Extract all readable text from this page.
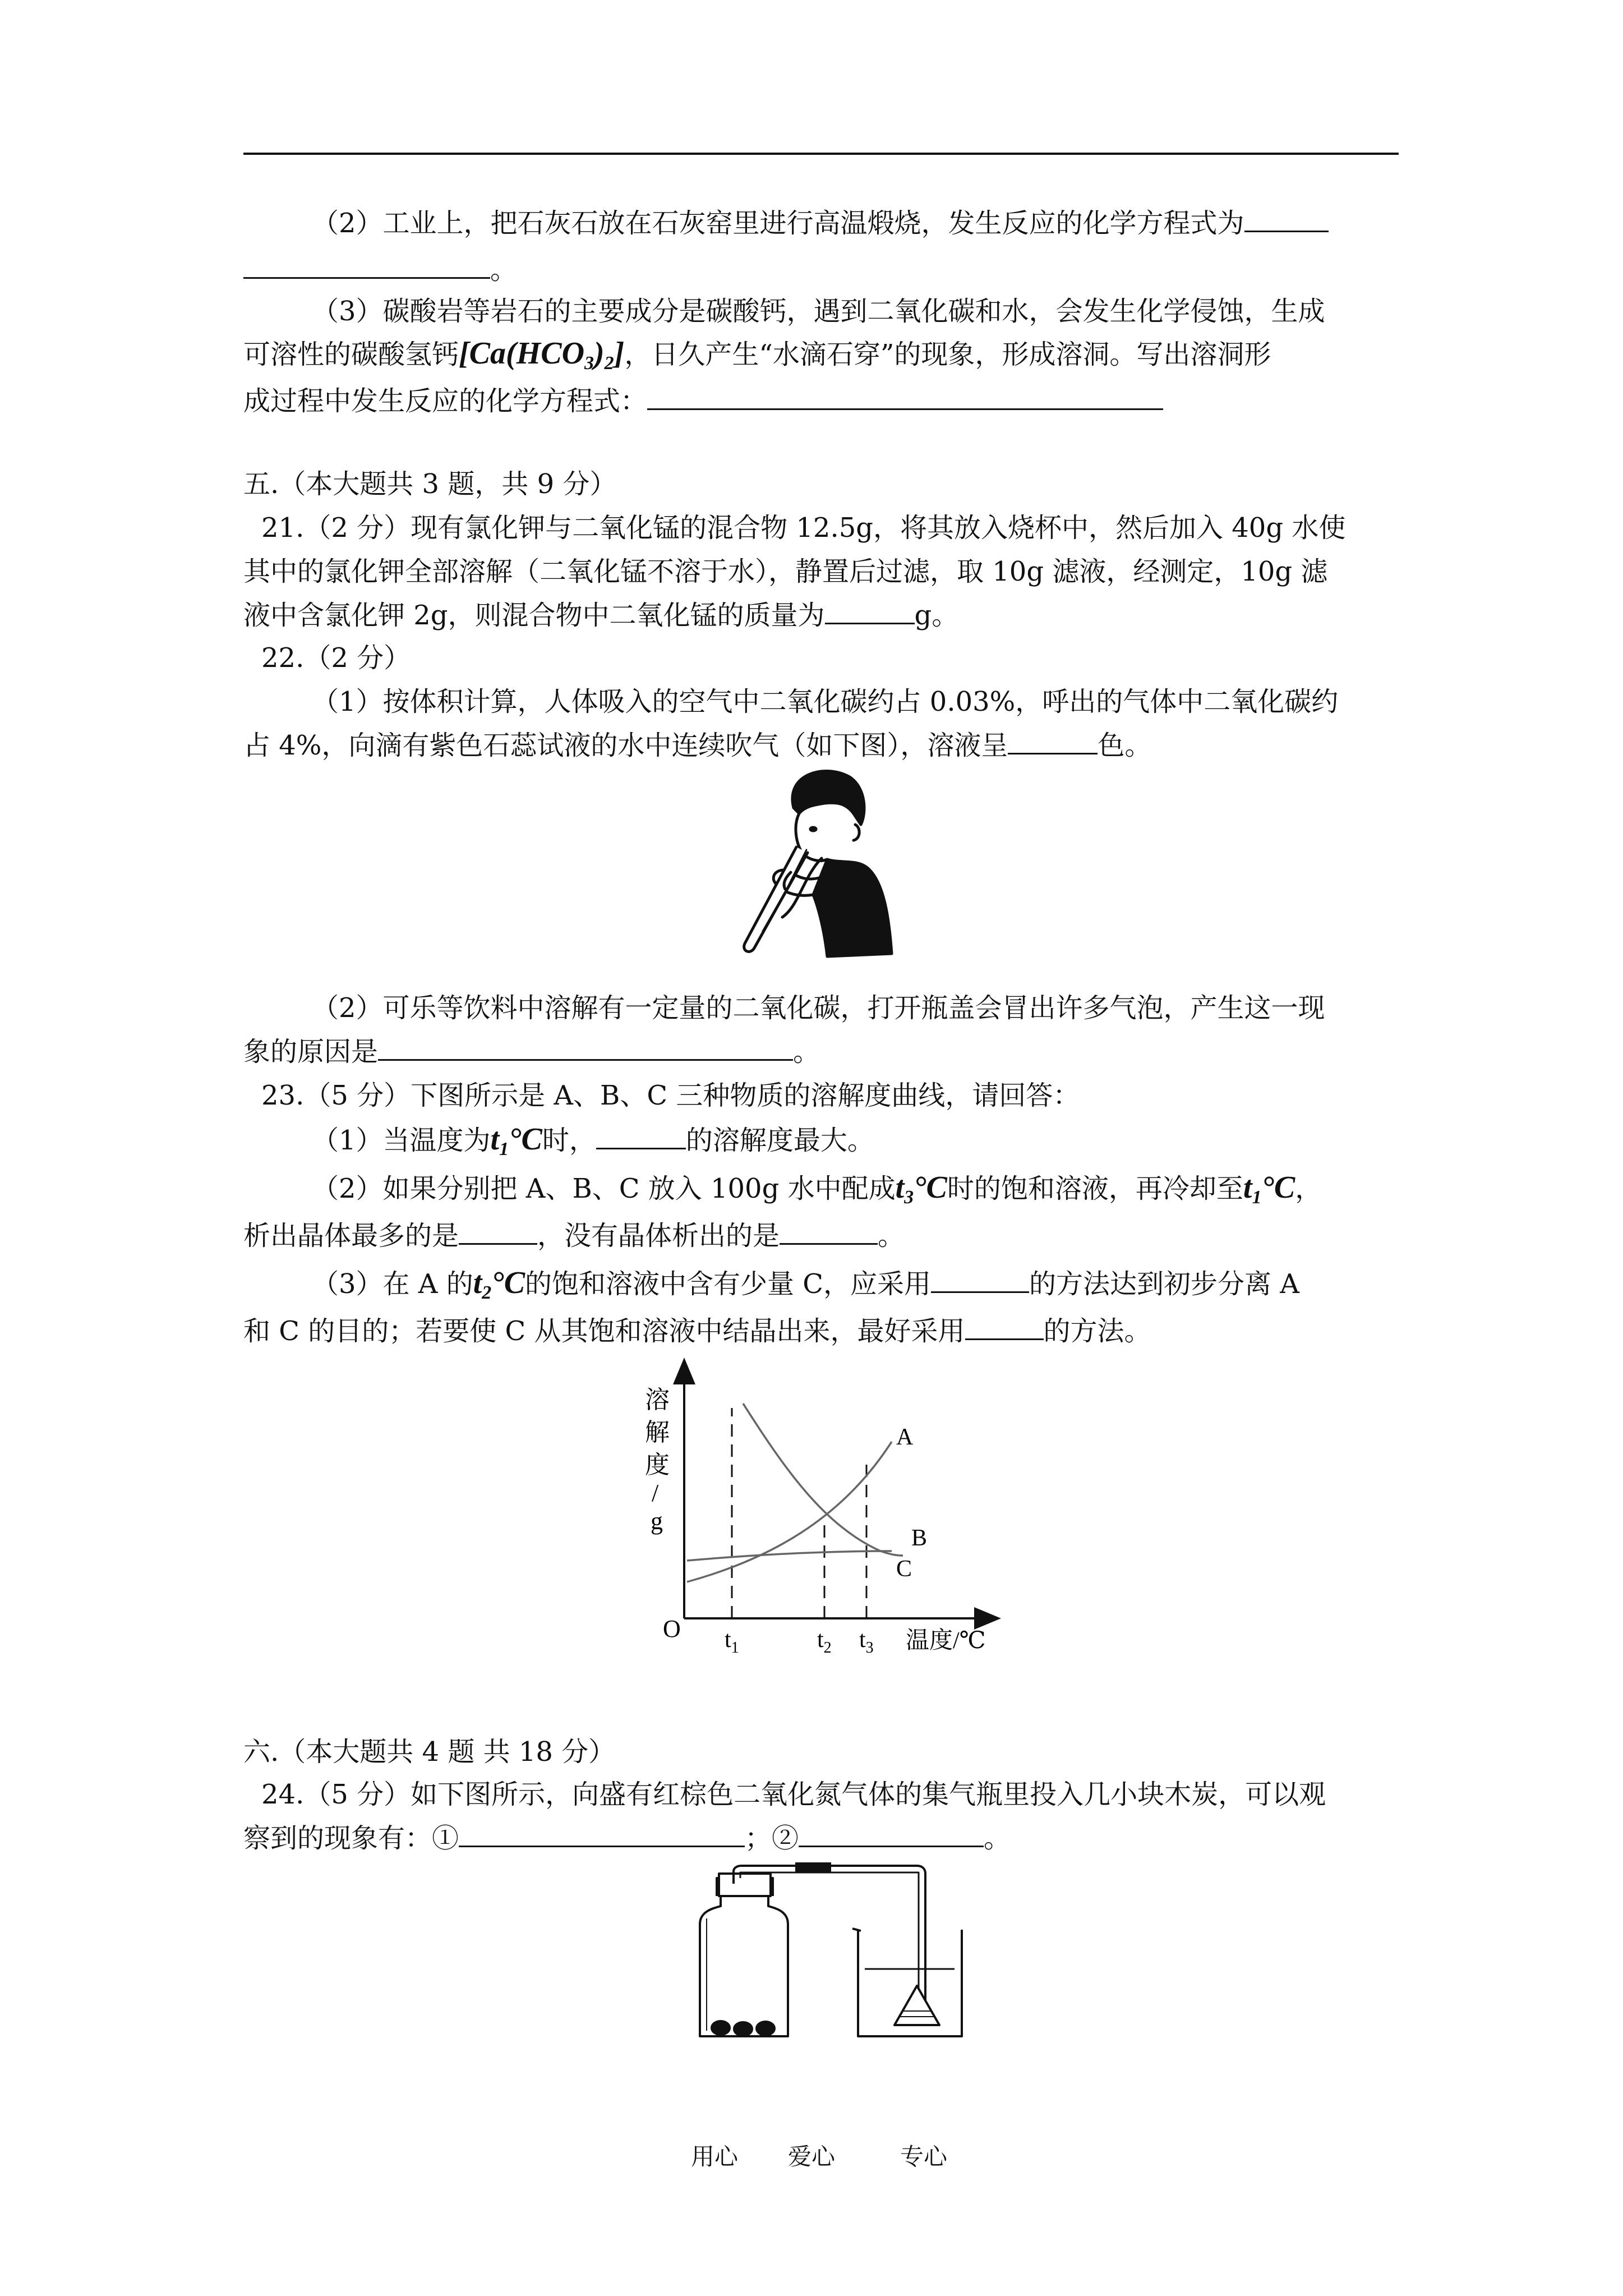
（2）工业上，把石灰石放在石灰窑里进行高温煅烧，发生反应的化学方程式为
。
（3）碳酸岩等岩石的主要成分是碳酸钙，遇到二氧化碳和水，会发生化学侵蚀，生成
可溶性的碳酸氢钙$[Ca(HCO_3)_2]$，日久产生“水滴石穿”的现象，形成溶洞。写出溶洞形
成过程中发生反应的化学方程式：
五.（本大题共 3 题，共 9 分）
21.（2 分）现有氯化钾与二氧化锰的混合物 12.5g，将其放入烧杯中，然后加入 40g 水使
其中的氯化钾全部溶解（二氧化锰不溶于水），静置后过滤，取 10g 滤液，经测定，10g 滤
液中含氯化钾 2g，则混合物中二氧化锰的质量为	g。
22.（2 分）
（1）按体积计算，人体吸入的空气中二氧化碳约占 0.03%，呼出的气体中二氧化碳约
占 4%，向滴有紫色石蕊试液的水中连续吹气（如下图），溶液呈	色。
（2）可乐等饮料中溶解有一定量的二氧化碳，打开瓶盖会冒出许多气泡，产生这一现
象的原因是	。
23.（5 分）下图所示是 A、B、C 三种物质的溶解度曲线，请回答：
（1）当温度为$t_1^\circ C$时，	的溶解度最大。
（2）如果分别把 A、B、C 放入 100g 水中配成$t_3^\circ C$时的饱和溶液，再冷却至$t_1^\circ C$，
析出晶体最多的是	，没有晶体析出的是	。
（3）在 A 的$t_2^\circ C$的饱和溶液中含有少量 C，应采用	的方法达到初步分离 A
和 C 的目的；若要使 C 从其饱和溶液中结晶出来，最好采用	的方法。
溶
解
度
/
g
O $t_1$	$t_2$ $t_3$ 温度/℃
A
B
C
六.（本大题共 4 题 共 18 分）
24.（5 分）如下图所示，向盛有红棕色二氧化氮气体的集气瓶里投入几小块木炭，可以观
察到的现象有：①	；②	。
用心 爱心	专心
